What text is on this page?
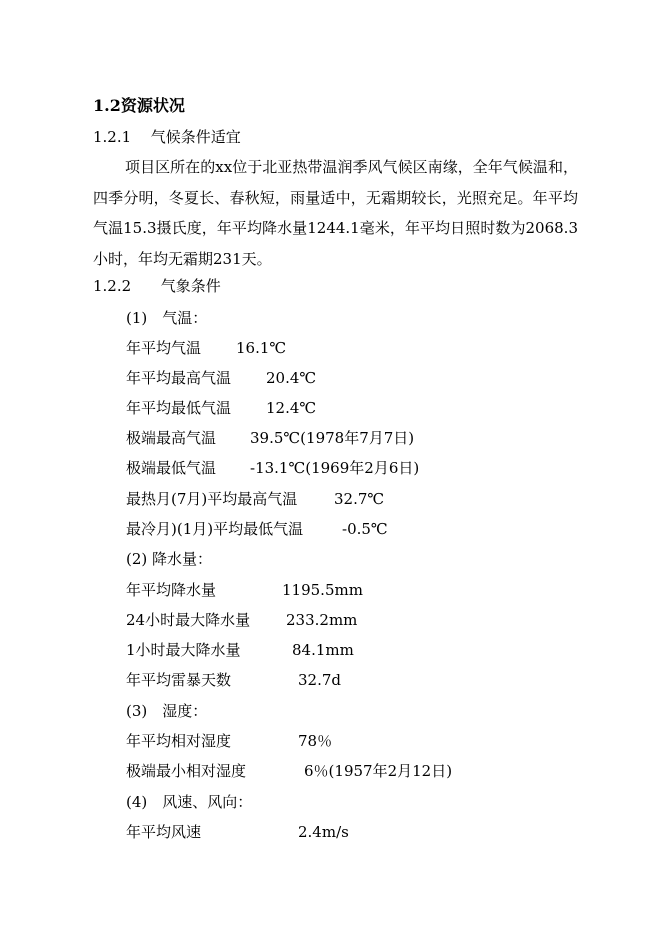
1.2资源状况
1.2.1 气候条件适宜
项目区所在的xx位于北亚热带温润季风气候区南缘，全年气候温和，四季分明，冬夏长、春秋短，雨量适中，无霜期较长，光照充足。年平均气温15.3摄氏度，年平均降水量1244.1毫米，年平均日照时数为2068.3小时，年均无霜期231天。
1.2.2 气象条件
(1)　气温：
年平均气温 16.1℃
年平均最高气温 20.4℃
年平均最低气温 12.4℃
极端最高气温 39.5℃(1978年7月7日)
极端最低气温 -13.1℃(1969年2月6日)
最热月(7月)平均最高气温 32.7℃
最冷月)(1月)平均最低气温	-0.5℃
(2) 降水量：
年平均降水量	1195.5mm
24小时最大降水量 233.2mm
1小时最大降水量	84.1mm
年平均雷暴天数	32.7d
(3)　湿度：
年平均相对湿度	78％
极端最小相对湿度	6％(1957年2月12日)
(4)　风速、风向：
年平均风速	2.4m/s
